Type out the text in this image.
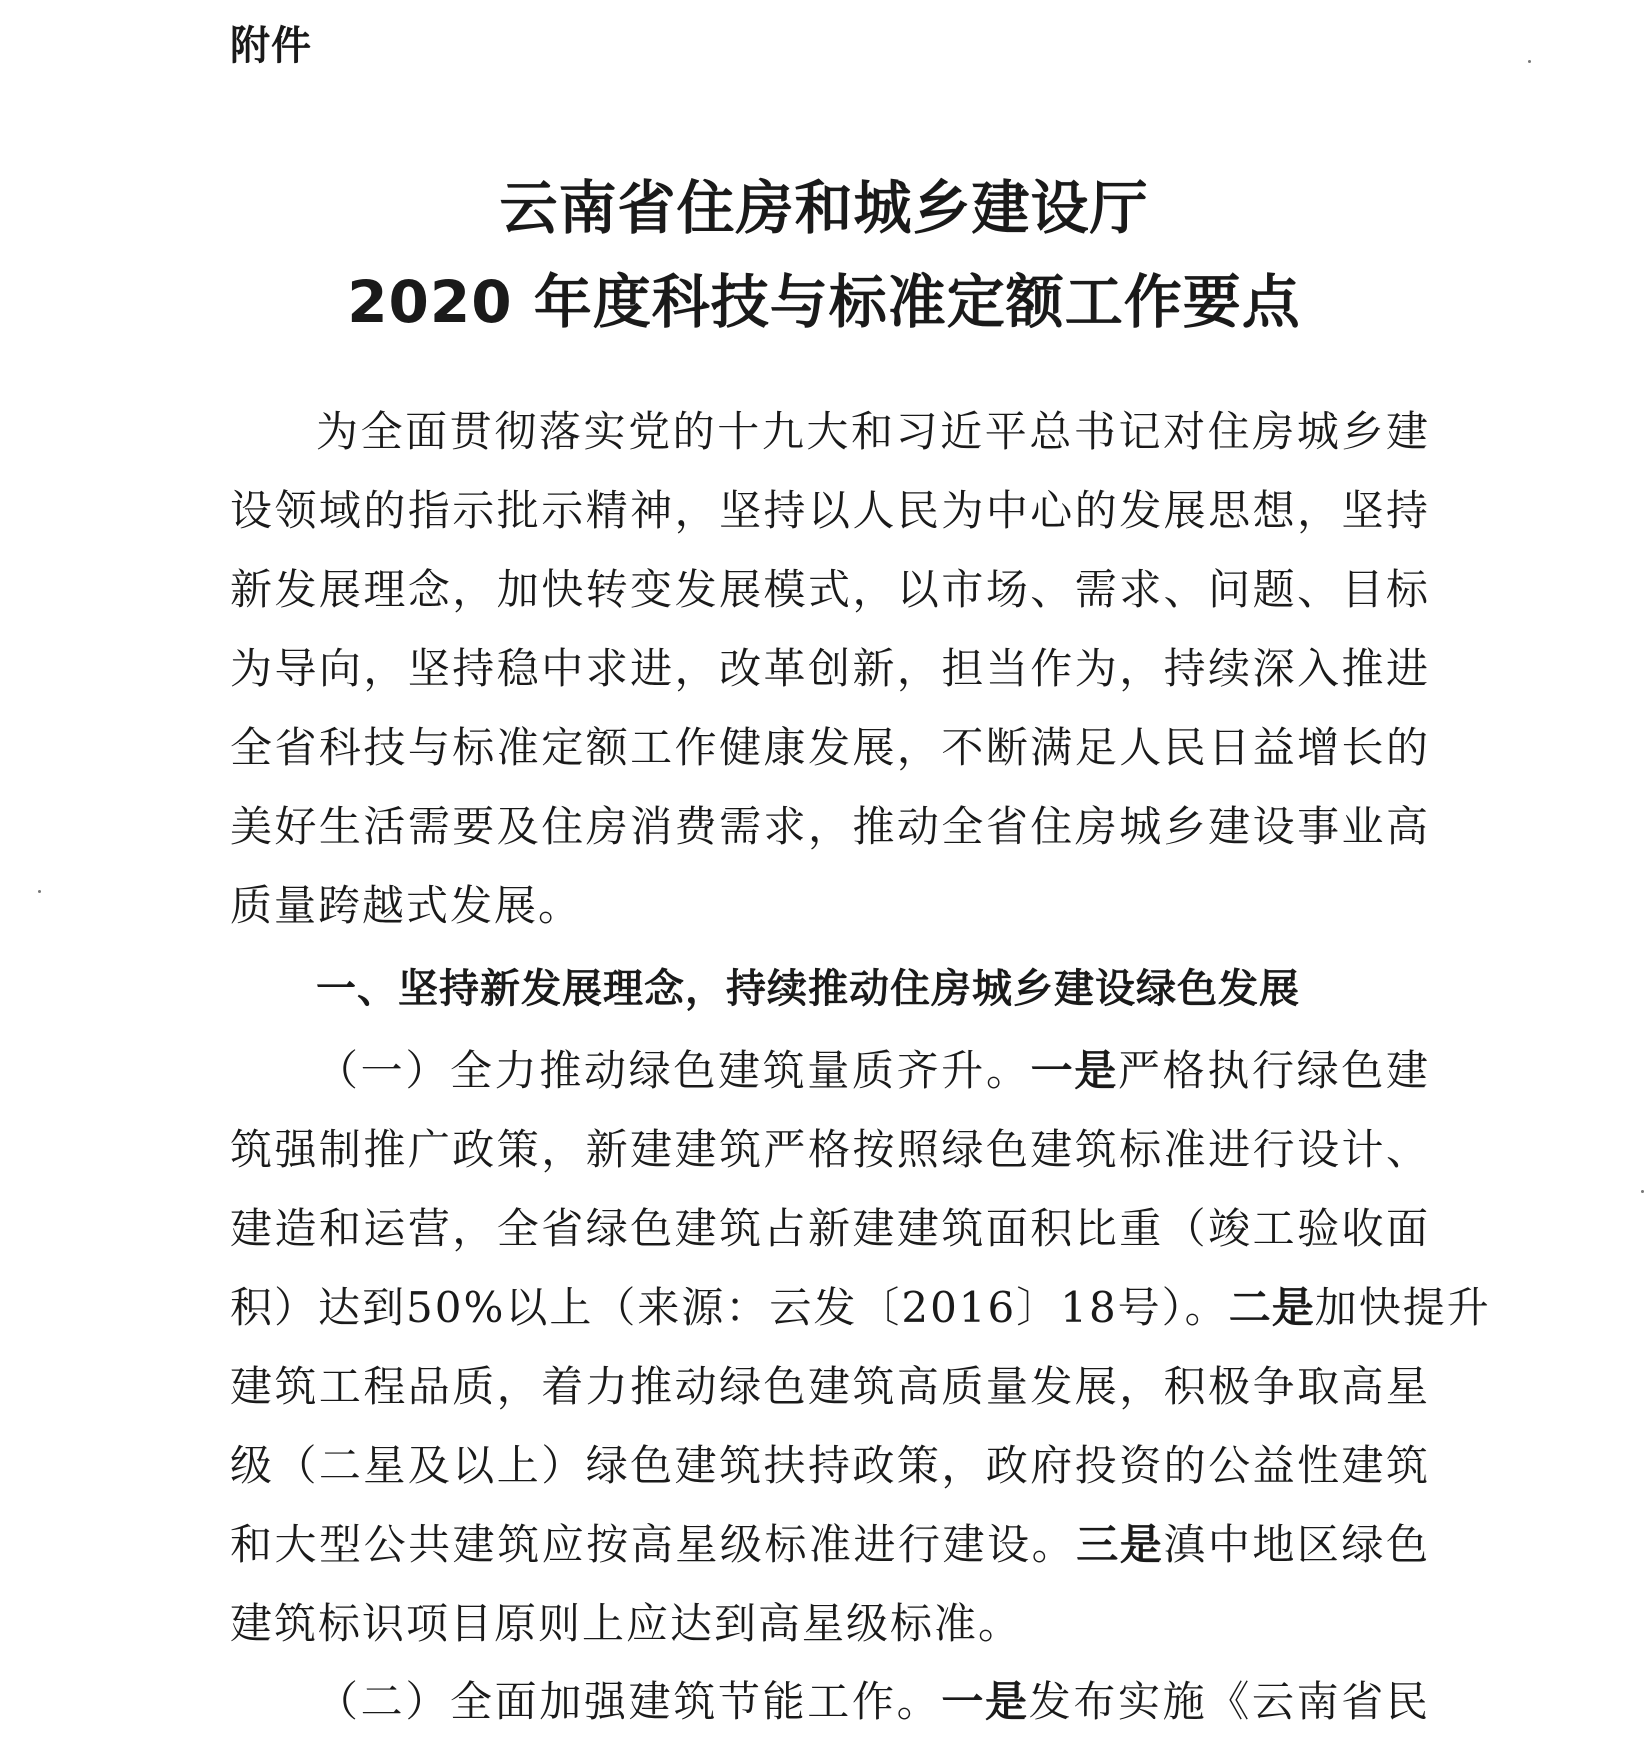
附件
云南省住房和城乡建设厅
2020 年度科技与标准定额工作要点
为全面贯彻落实党的十九大和习近平总书记对住房城乡建
设领域的指示批示精神，坚持以人民为中心的发展思想，坚持
新发展理念，加快转变发展模式，以市场、需求、问题、目标
为导向，坚持稳中求进，改革创新，担当作为，持续深入推进
全省科技与标准定额工作健康发展，不断满足人民日益增长的
美好生活需要及住房消费需求，推动全省住房城乡建设事业高
质量跨越式发展。
一、坚持新发展理念，持续推动住房城乡建设绿色发展
（一）全力推动绿色建筑量质齐升。一是严格执行绿色建
筑强制推广政策，新建建筑严格按照绿色建筑标准进行设计、
建造和运营，全省绿色建筑占新建建筑面积比重（竣工验收面
积）达到50%以上（来源：云发〔2016〕18号）。二是加快提升
建筑工程品质，着力推动绿色建筑高质量发展，积极争取高星
级（二星及以上）绿色建筑扶持政策，政府投资的公益性建筑
和大型公共建筑应按高星级标准进行建设。三是滇中地区绿色
建筑标识项目原则上应达到高星级标准。
（二）全面加强建筑节能工作。一是发布实施《云南省民
